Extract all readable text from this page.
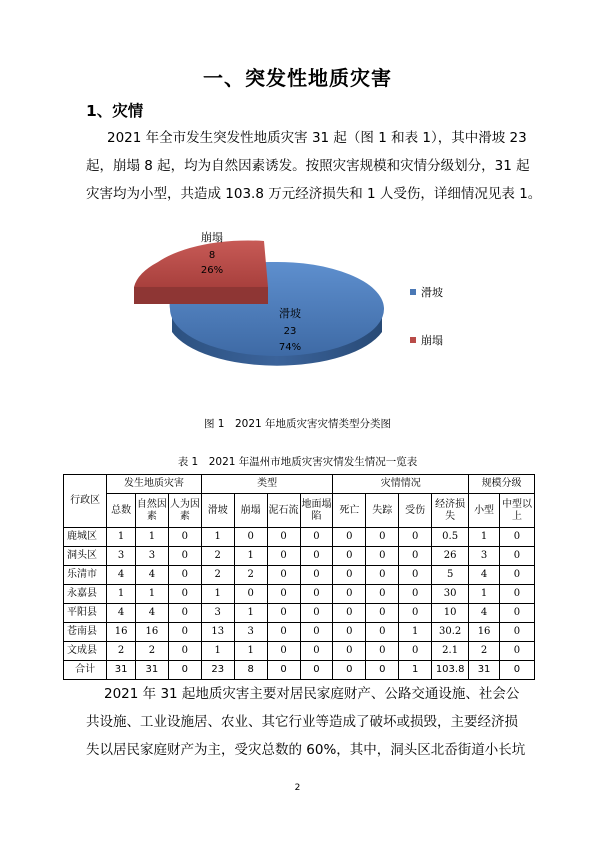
一、突发性地质灾害
1、灾情
2021 年全市发生突发性地质灾害 31 起（图 1 和表 1），其中滑坡 23
起，崩塌 8 起，均为自然因素诱发。按照灾害规模和灾情分级划分，31 起
灾害均为小型，共造成 103.8 万元经济损失和 1 人受伤，详细情况见表 1。
崩塌
8
26%
滑坡
23
74%
滑坡
崩塌
图 1　2021 年地质灾害灾情类型分类图
表 1　2021 年温州市地质灾害灾情发生情况一览表
行政区	发生地质灾害			类型				灾情情况				规模分级	
	总数	自然因素	人为因素	滑坡	崩塌	泥石流	地面塌陷	死亡	失踪	受伤	经济损失	小型	中型以上
鹿城区	1	1	0	1	0	0	0	0	0	0	0.5	1	0
洞头区	3	3	0	2	1	0	0	0	0	0	26	3	0
乐清市	4	4	0	2	2	0	0	0	0	0	5	4	0
永嘉县	1	1	0	1	0	0	0	0	0	0	30	1	0
平阳县	4	4	0	3	1	0	0	0	0	0	10	4	0
苍南县	16	16	0	13	3	0	0	0	0	1	30.2	16	0
文成县	2	2	0	1	1	0	0	0	0	0	2.1	2	0
合计	31	31	0	23	8	0	0	0	0	1	103.8	31	0
2021 年 31 起地质灾害主要对居民家庭财产、公路交通设施、社会公
共设施、工业设施居、农业、其它行业等造成了破坏或损毁，主要经济损
失以居民家庭财产为主，受灾总数的 60%，其中，洞头区北岙街道小长坑
2
